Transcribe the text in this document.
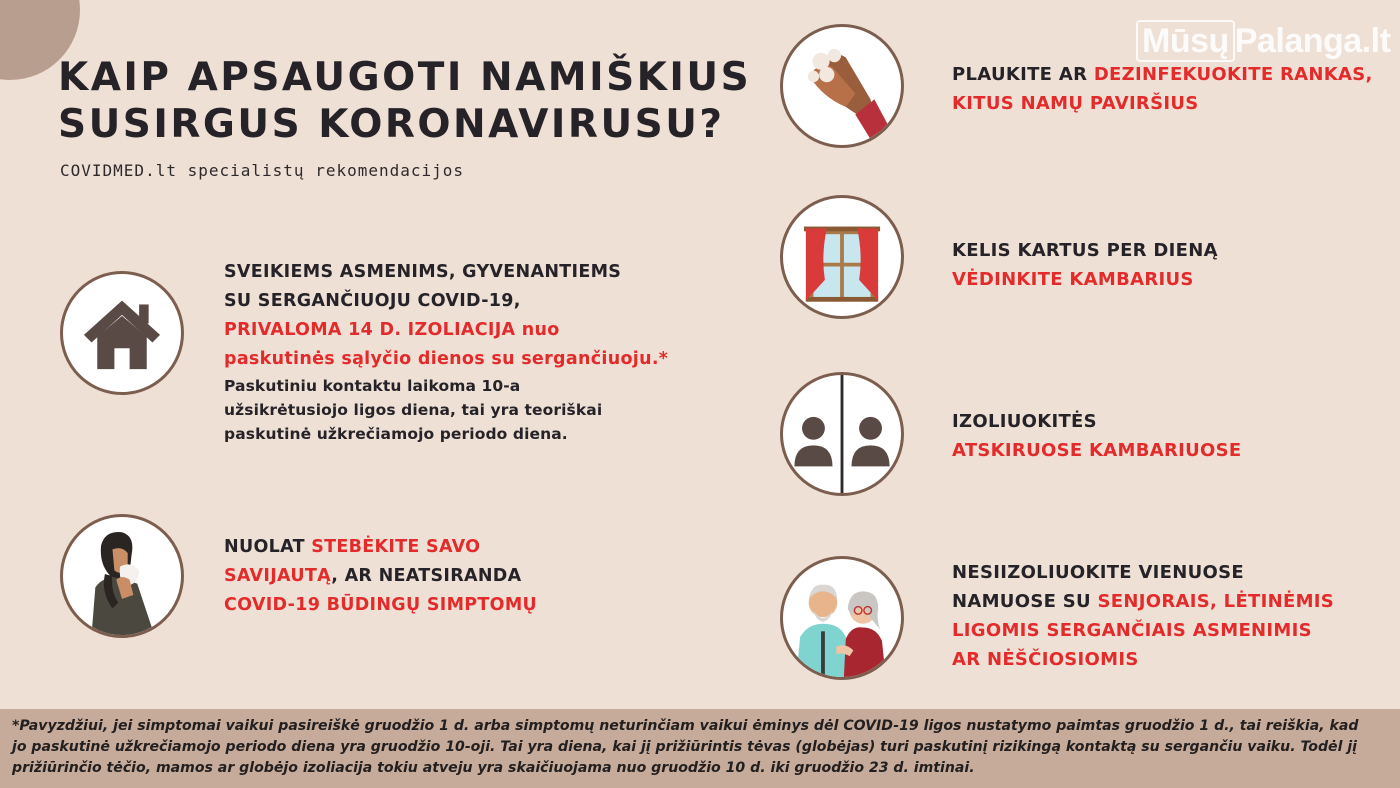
Mūsų Palanga.lt
KAIP APSAUGOTI NAMIŠKIUS
SUSIRGUS KORONAVIRUSU?
COVIDMED.lt specialistų rekomendacijos
SVEIKIEMS ASMENIMS, GYVENANTIEMS
SU SERGANČIUOJU COVID-19,
PRIVALOMA 14 D. IZOLIACIJA nuo
paskutinės sąlyčio dienos su sergančiuoju.*
Paskutiniu kontaktu laikoma 10-a
užsikrėtusiojo ligos diena, tai yra teoriškai
paskutinė užkrečiamojo periodo diena.
NUOLAT STEBĖKITE SAVO
SAVIJAUTĄ, AR NEATSIRANDA
COVID-19 BŪDINGŲ SIMPTOMŲ
PLAUKITE AR DEZINFEKUOKITE RANKAS,
KITUS NAMŲ PAVIRŠIUS
KELIS KARTUS PER DIENĄ
VĖDINKITE KAMBARIUS
IZOLIUOKITĖS
ATSKIRUOSE KAMBARIUOSE
NESIIZOLIUOKITE VIENUOSE
NAMUOSE SU SENJORAIS, LĖTINĖMIS
LIGOMIS SERGANČIAIS ASMENIMIS
AR NĖŠČIOSIOMIS
*Pavyzdžiui, jei simptomai vaikui pasireiškė gruodžio 1 d. arba simptomų neturinčiam vaikui ėminys dėl COVID-19 ligos nustatymo paimtas gruodžio 1 d., tai reiškia, kad
jo paskutinė užkrečiamojo periodo diena yra gruodžio 10-oji. Tai yra diena, kai jį prižiūrintis tėvas (globėjas) turi paskutinį rizikingą kontaktą su sergančiu vaiku. Todėl jį
prižiūrinčio tėčio, mamos ar globėjo izoliacija tokiu atveju yra skaičiuojama nuo gruodžio 10 d. iki gruodžio 23 d. imtinai.
